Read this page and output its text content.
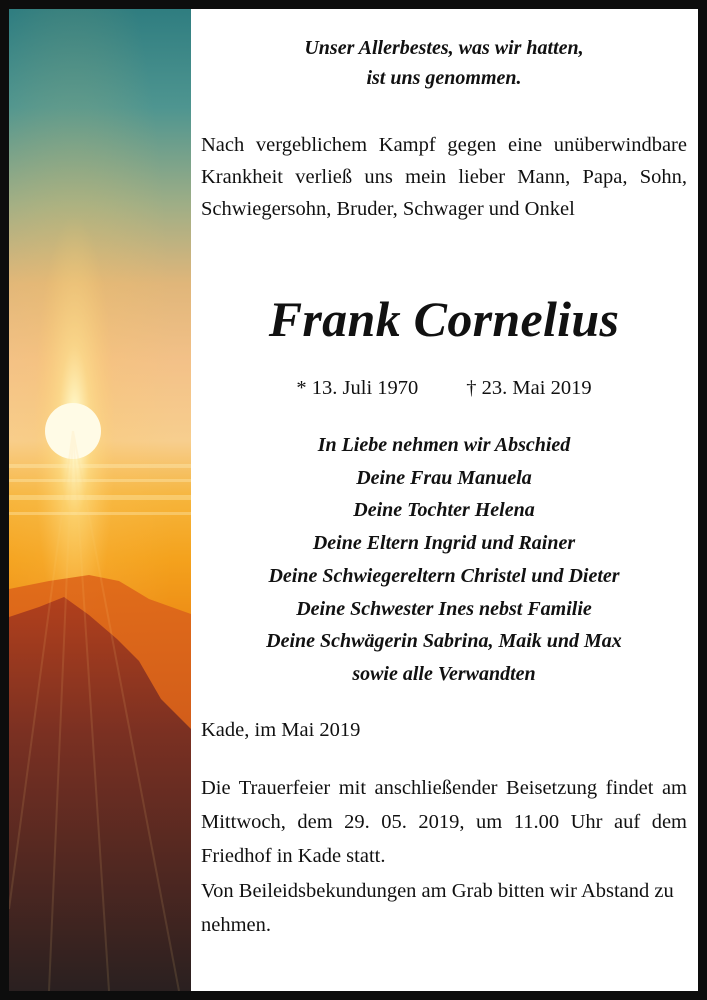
Unser Allerbestes, was wir hatten,
ist uns genommen.
Nach vergeblichem Kampf gegen eine unüberwindbare Krankheit verließ uns mein lieber Mann, Papa, Sohn, Schwiegersohn, Bruder, Schwager und Onkel
Frank Cornelius
* 13. Juli 1970 † 23. Mai 2019
In Liebe nehmen wir Abschied
Deine Frau Manuela
Deine Tochter Helena
Deine Eltern Ingrid und Rainer
Deine Schwiegereltern Christel und Dieter
Deine Schwester Ines nebst Familie
Deine Schwägerin Sabrina, Maik und Max
sowie alle Verwandten
Kade, im Mai 2019
Die Trauerfeier mit anschließender Beisetzung findet am Mittwoch, dem 29. 05. 2019, um 11.00 Uhr auf dem Friedhof in Kade statt.
Von Beileidsbekundungen am Grab bitten wir Abstand zu nehmen.
